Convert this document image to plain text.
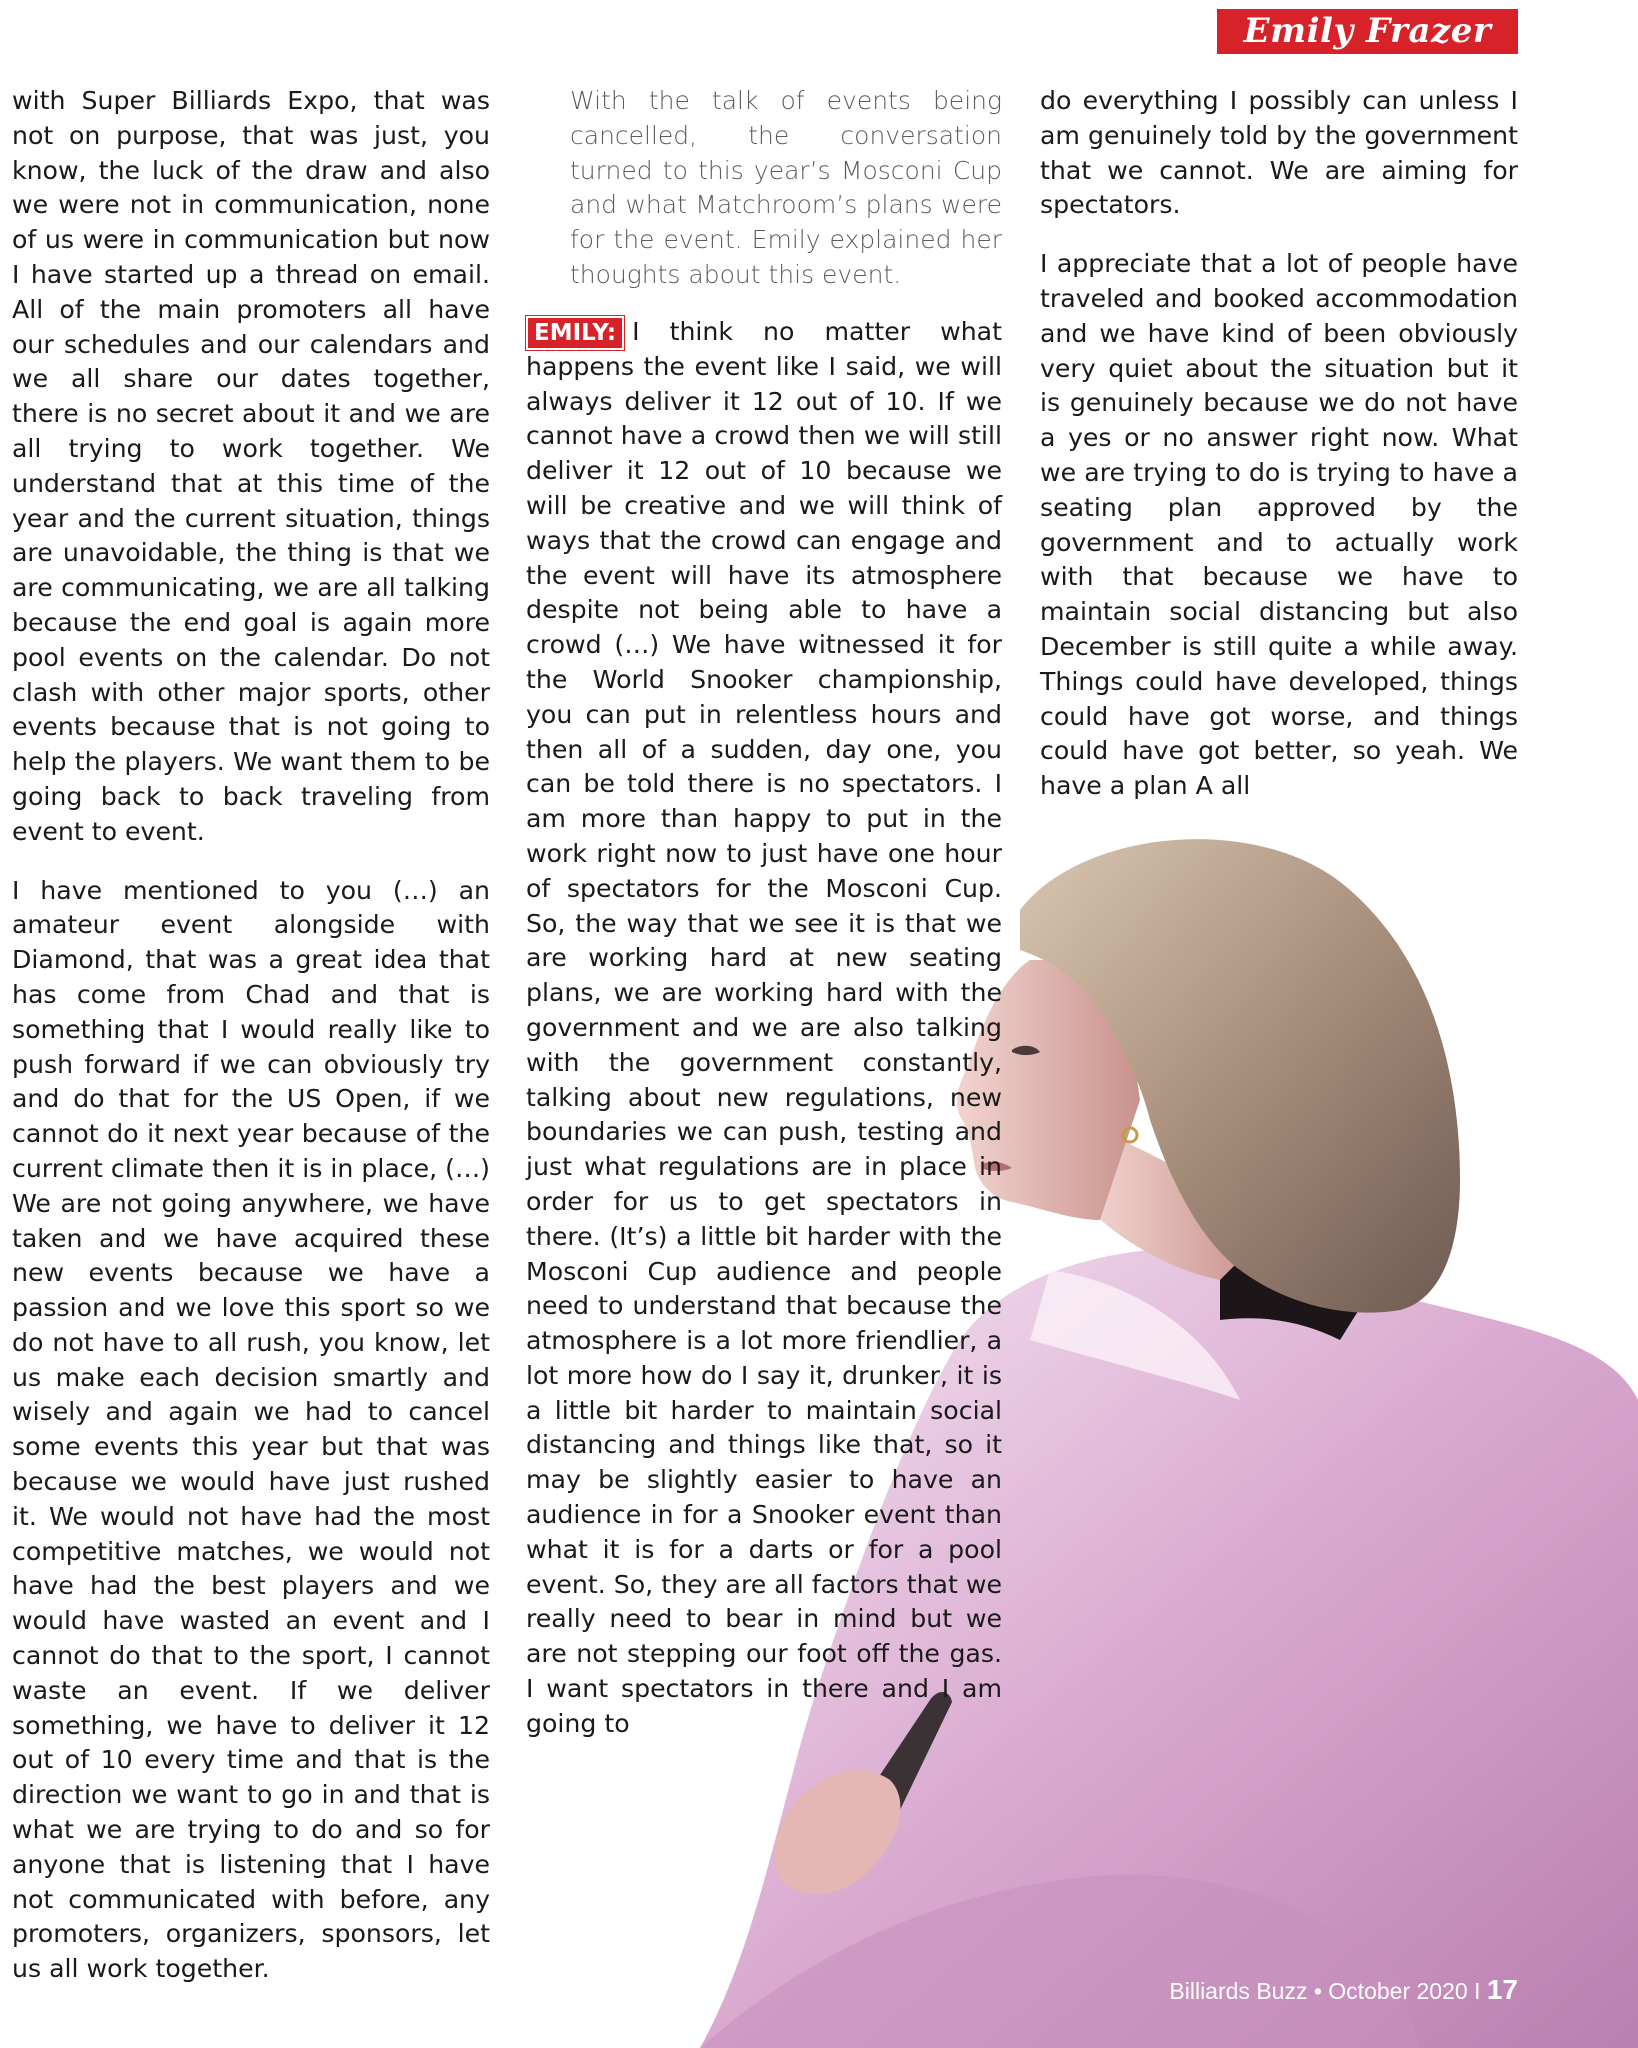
Emily Frazer

with Super Billiards Expo, that was not on purpose, that was just, you know, the luck of the draw and also we were not in communication, none of us were in communication but now I have started up a thread on email. All of the main promoters all have our schedules and our calendars and we all share our dates together, there is no secret about it and we are all trying to work together. We understand that at this time of the year and the current situation, things are unavoidable, the thing is that we are communicating, we are all talking because the end goal is again more pool events on the calendar. Do not clash with other major sports, other events because that is not going to help the players. We want them to be going back to back traveling from event to event.

I have mentioned to you (…) an amateur event alongside with Diamond, that was a great idea that has come from Chad and that is something that I would really like to push forward if we can obviously try and do that for the US Open, if we cannot do it next year because of the current climate then it is in place, (…) We are not going anywhere, we have taken and we have acquired these new events because we have a passion and we love this sport so we do not have to all rush, you know, let us make each decision smartly and wisely and again we had to cancel some events this year but that was because we would have just rushed it. We would not have had the most competitive matches, we would not have had the best players and we would have wasted an event and I cannot do that to the sport, I cannot waste an event. If we deliver something, we have to deliver it 12 out of 10 every time and that is the direction we want to go in and that is what we are trying to do and so for anyone that is listening that I have not communicated with before, any promoters, organizers, sponsors, let us all work together.

With the talk of events being cancelled, the conversation turned to this year’s Mosconi Cup and what Matchroom’s plans were for the event. Emily explained her thoughts about this event.

EMILY: I think no matter what happens the event like I said, we will always deliver it 12 out of 10. If we cannot have a crowd then we will still deliver it 12 out of 10 because we will be creative and we will think of ways that the crowd can engage and the event will have its atmosphere despite not being able to have a crowd (…) We have witnessed it for the World Snooker championship, you can put in relentless hours and then all of a sudden, day one, you can be told there is no spectators. I am more than happy to put in the work right now to just have one hour of spectators for the Mosconi Cup. So, the way that we see it is that we are working hard at new seating plans, we are working hard with the government and we are also talking with the government constantly, talking about new regulations, new boundaries we can push, testing and just what regulations are in place in order for us to get spectators in there. (It’s) a little bit harder with the Mosconi Cup audience and people need to understand that because the atmosphere is a lot more friendlier, a lot more how do I say it, drunker, it is a little bit harder to maintain social distancing and things like that, so it may be slightly easier to have an audience in for a Snooker event than what it is for a darts or for a pool event. So, they are all factors that we really need to bear in mind but we are not stepping our foot off the gas. I want spectators in there and I am going to

do everything I possibly can unless I am genuinely told by the government that we cannot. We are aiming for spectators.

I appreciate that a lot of people have traveled and booked accommodation and we have kind of been obviously very quiet about the situation but it is genuinely because we do not have a yes or no answer right now. What we are trying to do is trying to have a seating plan approved by the government and to actually work with that because we have to maintain social distancing but also December is still quite a while away. Things could have developed, things could have got worse, and things could have got better, so yeah. We have a plan A all

Billiards Buzz • October 2020 I 17
